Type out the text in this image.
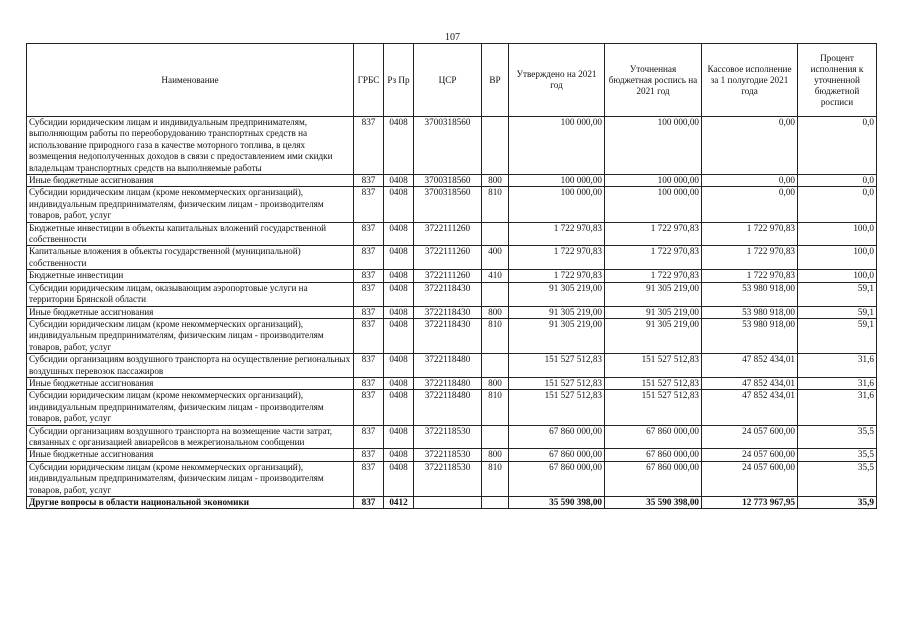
107
Наименование	ГРБС	Рз Пр	ЦСР	ВР	Утверждено на 2021 год	Уточненная бюджетная роспись на 2021 год	Кассовое исполнение за 1 полугодие 2021 года	Процент исполнения к уточненной бюджетной росписи
Субсидии юридическим лицам и индивидуальным предпринимателям, выполняющим работы по переоборудованию транспортных средств на использование природного газа в качестве моторного топлива, в целях возмещения недополученных доходов в связи с предоставлением ими скидки владельцам транспортных средств на выполняемые работы	837	0408	3700318560		100 000,00	100 000,00	0,00	0,0
Иные бюджетные ассигнования	837	0408	3700318560	800	100 000,00	100 000,00	0,00	0,0
Субсидии юридическим лицам (кроме некоммерческих организаций), индивидуальным предпринимателям, физическим лицам - производителям товаров, работ, услуг	837	0408	3700318560	810	100 000,00	100 000,00	0,00	0,0
Бюджетные инвестиции в объекты капитальных вложений государственной собственности	837	0408	3722111260		1 722 970,83	1 722 970,83	1 722 970,83	100,0
Капитальные вложения в объекты государственной (муниципальной) собственности	837	0408	3722111260	400	1 722 970,83	1 722 970,83	1 722 970,83	100,0
Бюджетные инвестиции	837	0408	3722111260	410	1 722 970,83	1 722 970,83	1 722 970,83	100,0
Субсидии юридическим лицам, оказывающим аэропортовые услуги на территории Брянской области	837	0408	3722118430		91 305 219,00	91 305 219,00	53 980 918,00	59,1
Иные бюджетные ассигнования	837	0408	3722118430	800	91 305 219,00	91 305 219,00	53 980 918,00	59,1
Субсидии юридическим лицам (кроме некоммерческих организаций), индивидуальным предпринимателям, физическим лицам - производителям товаров, работ, услуг	837	0408	3722118430	810	91 305 219,00	91 305 219,00	53 980 918,00	59,1
Субсидии организациям воздушного транспорта на осуществление региональных воздушных перевозок пассажиров	837	0408	3722118480		151 527 512,83	151 527 512,83	47 852 434,01	31,6
Иные бюджетные ассигнования	837	0408	3722118480	800	151 527 512,83	151 527 512,83	47 852 434,01	31,6
Субсидии юридическим лицам (кроме некоммерческих организаций), индивидуальным предпринимателям, физическим лицам - производителям товаров, работ, услуг	837	0408	3722118480	810	151 527 512,83	151 527 512,83	47 852 434,01	31,6
Субсидии организациям воздушного транспорта на возмещение части затрат, связанных с организацией авиарейсов в межрегиональном сообщении	837	0408	3722118530		67 860 000,00	67 860 000,00	24 057 600,00	35,5
Иные бюджетные ассигнования	837	0408	3722118530	800	67 860 000,00	67 860 000,00	24 057 600,00	35,5
Субсидии юридическим лицам (кроме некоммерческих организаций), индивидуальным предпринимателям, физическим лицам - производителям товаров, работ, услуг	837	0408	3722118530	810	67 860 000,00	67 860 000,00	24 057 600,00	35,5
Другие вопросы в области национальной экономики	837	0412			35 590 398,00	35 590 398,00	12 773 967,95	35,9
